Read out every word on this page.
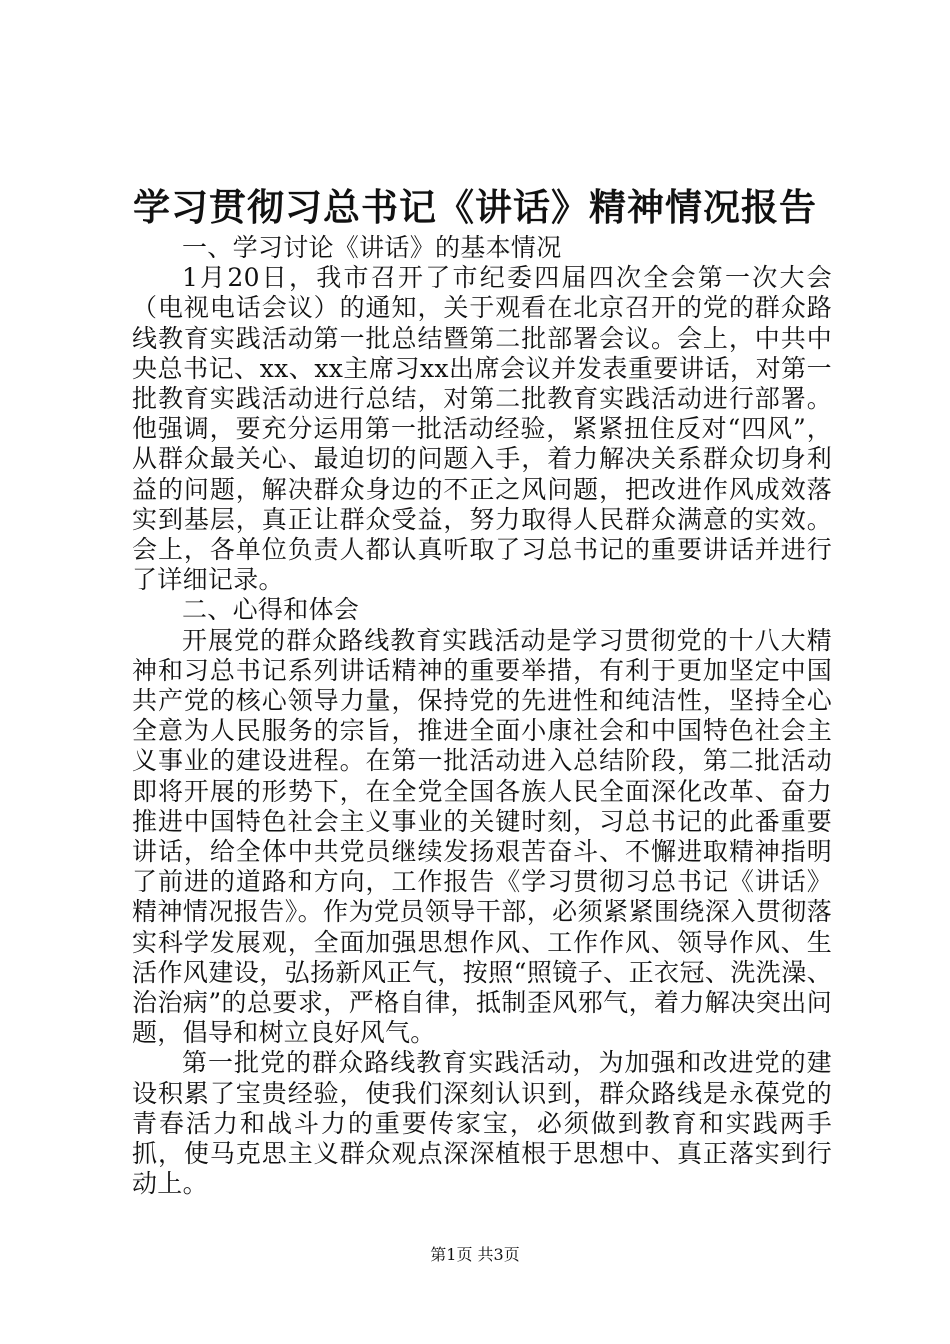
学习贯彻习总书记《讲话》精神情况报告

一、学习讨论《讲话》的基本情况

1月20日，我市召开了市纪委四届四次全会第一次大会（电视电话会议）的通知，关于观看在北京召开的党的群众路线教育实践活动第一批总结暨第二批部署会议。会上，中共中央总书记、xx、xx主席习xx出席会议并发表重要讲话，对第一批教育实践活动进行总结，对第二批教育实践活动进行部署。他强调，要充分运用第一批活动经验，紧紧扭住反对“四风”，从群众最关心、最迫切的问题入手，着力解决关系群众切身利益的问题，解决群众身边的不正之风问题，把改进作风成效落实到基层，真正让群众受益，努力取得人民群众满意的实效。会上，各单位负责人都认真听取了习总书记的重要讲话并进行了详细记录。

二、心得和体会

开展党的群众路线教育实践活动是学习贯彻党的十八大精神和习总书记系列讲话精神的重要举措，有利于更加坚定中国共产党的核心领导力量，保持党的先进性和纯洁性，坚持全心全意为人民服务的宗旨，推进全面小康社会和中国特色社会主义事业的建设进程。在第一批活动进入总结阶段，第二批活动即将开展的形势下，在全党全国各族人民全面深化改革、奋力推进中国特色社会主义事业的关键时刻，习总书记的此番重要讲话，给全体中共党员继续发扬艰苦奋斗、不懈进取精神指明了前进的道路和方向，工作报告《学习贯彻习总书记《讲话》精神情况报告》。作为党员领导干部，必须紧紧围绕深入贯彻落实科学发展观，全面加强思想作风、工作作风、领导作风、生活作风建设，弘扬新风正气，按照“照镜子、正衣冠、洗洗澡、治治病”的总要求，严格自律，抵制歪风邪气，着力解决突出问题，倡导和树立良好风气。

第一批党的群众路线教育实践活动，为加强和改进党的建设积累了宝贵经验，使我们深刻认识到，群众路线是永葆党的青春活力和战斗力的重要传家宝，必须做到教育和实践两手抓，使马克思主义群众观点深深植根于思想中、真正落实到行动上。

第1页 共3页
